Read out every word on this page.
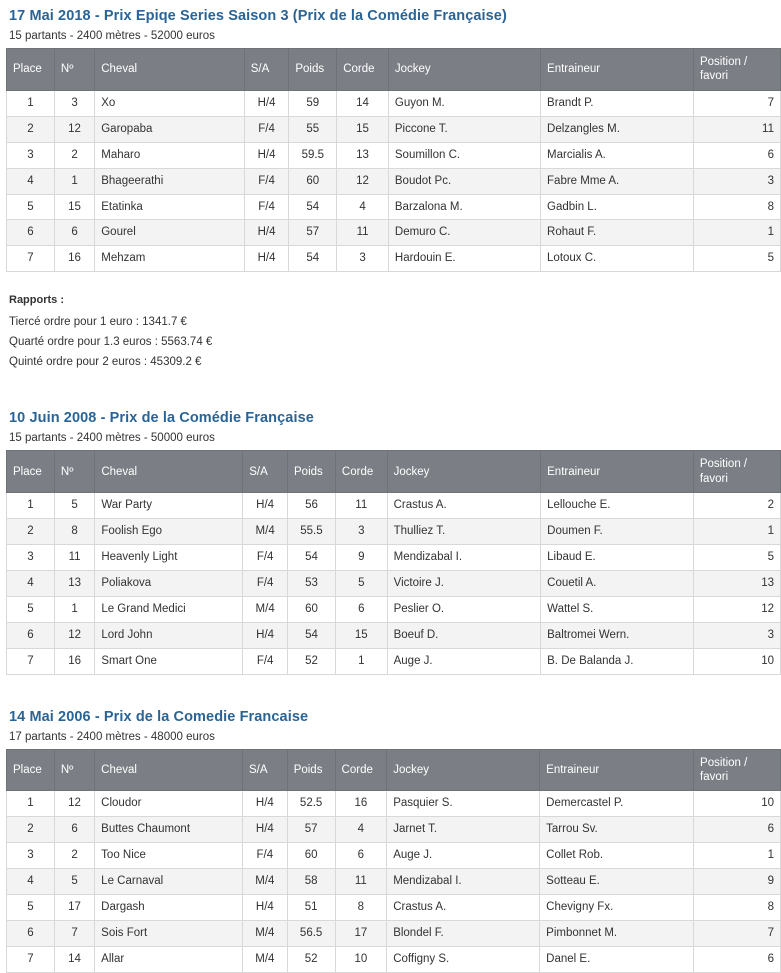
17 Mai 2018 - Prix Epiqe Series Saison 3 (Prix de la Comédie Française)
15 partants - 2400 mètres - 52000 euros
Place	Nº	Cheval	S/A	Poids	Corde	Jockey	Entraineur	Position / favori
1	3	Xo	H/4	59	14	Guyon M.	Brandt P.	7
2	12	Garopaba	F/4	55	15	Piccone T.	Delzangles M.	11
3	2	Maharo	H/4	59.5	13	Soumillon C.	Marcialis A.	6
4	1	Bhageerathi	F/4	60	12	Boudot Pc.	Fabre Mme A.	3
5	15	Etatinka	F/4	54	4	Barzalona M.	Gadbin L.	8
6	6	Gourel	H/4	57	11	Demuro C.	Rohaut F.	1
7	16	Mehzam	H/4	54	3	Hardouin E.	Lotoux C.	5
Rapports :
Tiercé ordre pour 1 euro : 1341.7 €
Quarté ordre pour 1.3 euros : 5563.74 €
Quinté ordre pour 2 euros : 45309.2 €
10 Juin 2008 - Prix de la Comédie Française
15 partants - 2400 mètres - 50000 euros
Place	Nº	Cheval	S/A	Poids	Corde	Jockey	Entraineur	Position / favori
1	5	War Party	H/4	56	11	Crastus A.	Lellouche E.	2
2	8	Foolish Ego	M/4	55.5	3	Thulliez T.	Doumen F.	1
3	11	Heavenly Light	F/4	54	9	Mendizabal I.	Libaud E.	5
4	13	Poliakova	F/4	53	5	Victoire J.	Couetil A.	13
5	1	Le Grand Medici	M/4	60	6	Peslier O.	Wattel S.	12
6	12	Lord John	H/4	54	15	Boeuf D.	Baltromei Wern.	3
7	16	Smart One	F/4	52	1	Auge J.	B. De Balanda J.	10
14 Mai 2006 - Prix de la Comedie Francaise
17 partants - 2400 mètres - 48000 euros
Place	Nº	Cheval	S/A	Poids	Corde	Jockey	Entraineur	Position / favori
1	12	Cloudor	H/4	52.5	16	Pasquier S.	Demercastel P.	10
2	6	Buttes Chaumont	H/4	57	4	Jarnet T.	Tarrou Sv.	6
3	2	Too Nice	F/4	60	6	Auge J.	Collet Rob.	1
4	5	Le Carnaval	M/4	58	11	Mendizabal I.	Sotteau E.	9
5	17	Dargash	H/4	51	8	Crastus A.	Chevigny Fx.	8
6	7	Sois Fort	M/4	56.5	17	Blondel F.	Pimbonnet M.	7
7	14	Allar	M/4	52	10	Coffigny S.	Danel E.	6
